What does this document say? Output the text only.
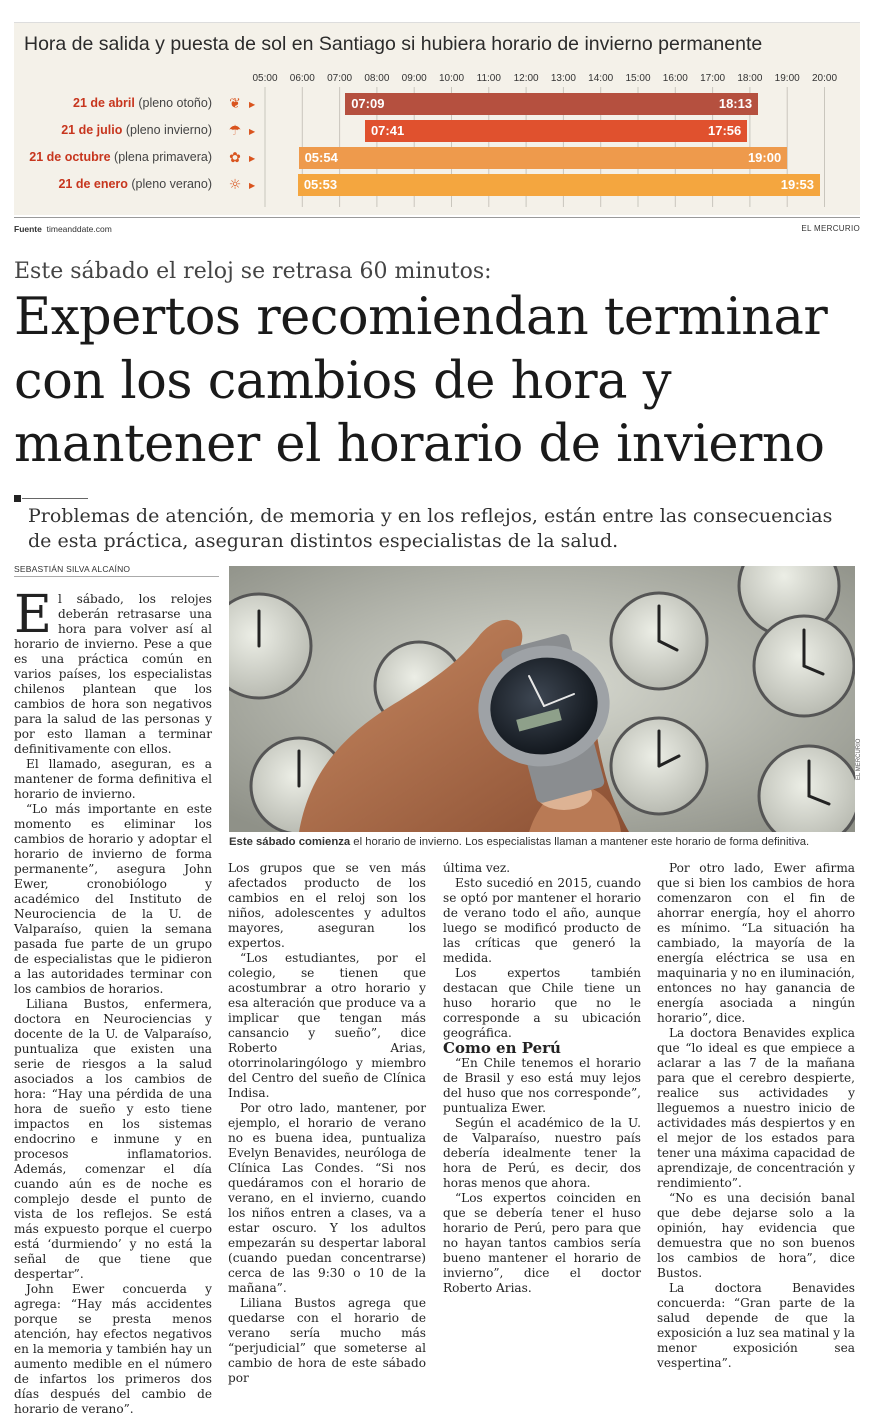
Hora de salida y puesta de sol en Santiago si hubiera horario de invierno permanente
05:00	06:00	07:00	08:00	09:00	10:00	11:00	12:00	13:00	14:00	15:00	16:00	17:00	18:00	19:00	20:00
21 de abril (pleno otoño) ❦	▶	07:09	18:13
21 de julio (pleno invierno) ☂ ▶	07:41	17:56
21 de octubre (plena primavera) ✿	▶	05:54	19:00
21 de enero (pleno verano) ☼ ▶	05:53	19:53
Fuente timeanddate.com	EL MERCURIO
Este sábado el reloj se retrasa 60 minutos:
Expertos recomiendan terminar con los cambios de hora y mantener el horario de invierno
Problemas de atención, de memoria y en los reflejos, están entre las consecuencias de esta práctica, aseguran distintos especialistas de la salud.
SEBASTIÁN SILVA ALCAÍNO
EL MERCURIO
Este sábado comienza el horario de invierno. Los especialistas llaman a mantener este horario de forma definitiva.
E l sábado, los relojes deberán retrasarse una hora para volver así al horario de invierno. Pese a que es una práctica común en varios países, los especialistas chilenos plantean que los cambios de hora son negativos para la salud de las personas y por esto llaman a terminar definitivamente con ellos.

El llamado, aseguran, es a mantener de forma definitiva el horario de invierno.

“Lo más importante en este momento es eliminar los cambios de horario y adoptar el horario de invierno de forma permanente”, asegura John Ewer, cronobiólogo y académico del Instituto de Neurociencia de la U. de Valparaíso, quien la semana pasada fue parte de un grupo de especialistas que le pidieron a las autoridades terminar con los cambios de horarios.

Liliana Bustos, enfermera, doctora en Neurociencias y docente de la U. de Valparaíso, puntualiza que existen una serie de riesgos a la salud asociados a los cambios de hora: “Hay una pérdida de una hora de sueño y esto tiene impactos en los sistemas endocrino e inmune y en procesos inflamatorios. Además, comenzar el día cuando aún es de noche es complejo desde el punto de vista de los reflejos. Se está más expuesto porque el cuerpo está ‘durmiendo’ y no está la señal de que tiene que despertar”.

John Ewer concuerda y agrega: “Hay más accidentes porque se presta menos atención, hay efectos negativos en la memoria y también hay un aumento medible en el número de infartos los primeros dos días después del cambio de horario de verano”.

Los grupos que se ven más afectados producto de los cambios en el reloj son los niños, adolescentes y adultos mayores, aseguran los expertos.

“Los estudiantes, por el colegio, se tienen que acostumbrar a otro horario y esa alteración que produce va a implicar que tengan más cansancio y sueño”, dice Roberto Arias, otorrinolaringólogo y miembro del Centro del sueño de Clínica Indisa.

Por otro lado, mantener, por ejemplo, el horario de verano no es buena idea, puntualiza Evelyn Benavides, neuróloga de Clínica Las Condes. “Si nos quedáramos con el horario de verano, en el invierno, cuando los niños entren a clases, va a estar oscuro. Y los adultos empezarán su despertar laboral (cuando puedan concentrarse) cerca de las 9:30 o 10 de la mañana”.

Liliana Bustos agrega que quedarse con el horario de verano sería mucho más “perjudicial” que someterse al cambio de hora de este sábado por

última vez.

Esto sucedió en 2015, cuando se optó por mantener el horario de verano todo el año, aunque luego se modificó producto de las críticas que generó la medida.

Los expertos también destacan que Chile tiene un huso horario que no le corresponde a su ubicación geográfica.

Como en Perú

“En Chile tenemos el horario de Brasil y eso está muy lejos del huso que nos corresponde”, puntualiza Ewer.

Según el académico de la U. de Valparaíso, nuestro país debería idealmente tener la hora de Perú, es decir, dos horas menos que ahora.

“Los expertos coinciden en que se debería tener el huso horario de Perú, pero para que no hayan tantos cambios sería bueno mantener el horario de invierno”, dice el doctor Roberto Arias.

Por otro lado, Ewer afirma que si bien los cambios de hora comenzaron con el fin de ahorrar energía, hoy el ahorro es mínimo. “La situación ha cambiado, la mayoría de la energía eléctrica se usa en maquinaria y no en iluminación, entonces no hay ganancia de energía asociada a ningún horario”, dice.

La doctora Benavides explica que “lo ideal es que empiece a aclarar a las 7 de la mañana para que el cerebro despierte, realice sus actividades y lleguemos a nuestro inicio de actividades más despiertos y en el mejor de los estados para tener una máxima capacidad de aprendizaje, de concentración y rendimiento”.

“No es una decisión banal que debe dejarse solo a la opinión, hay evidencia que demuestra que no son buenos los cambios de hora”, dice Bustos.

La doctora Benavides concuerda: “Gran parte de la salud depende de que la exposición a luz sea matinal y la menor exposición sea vespertina”.
